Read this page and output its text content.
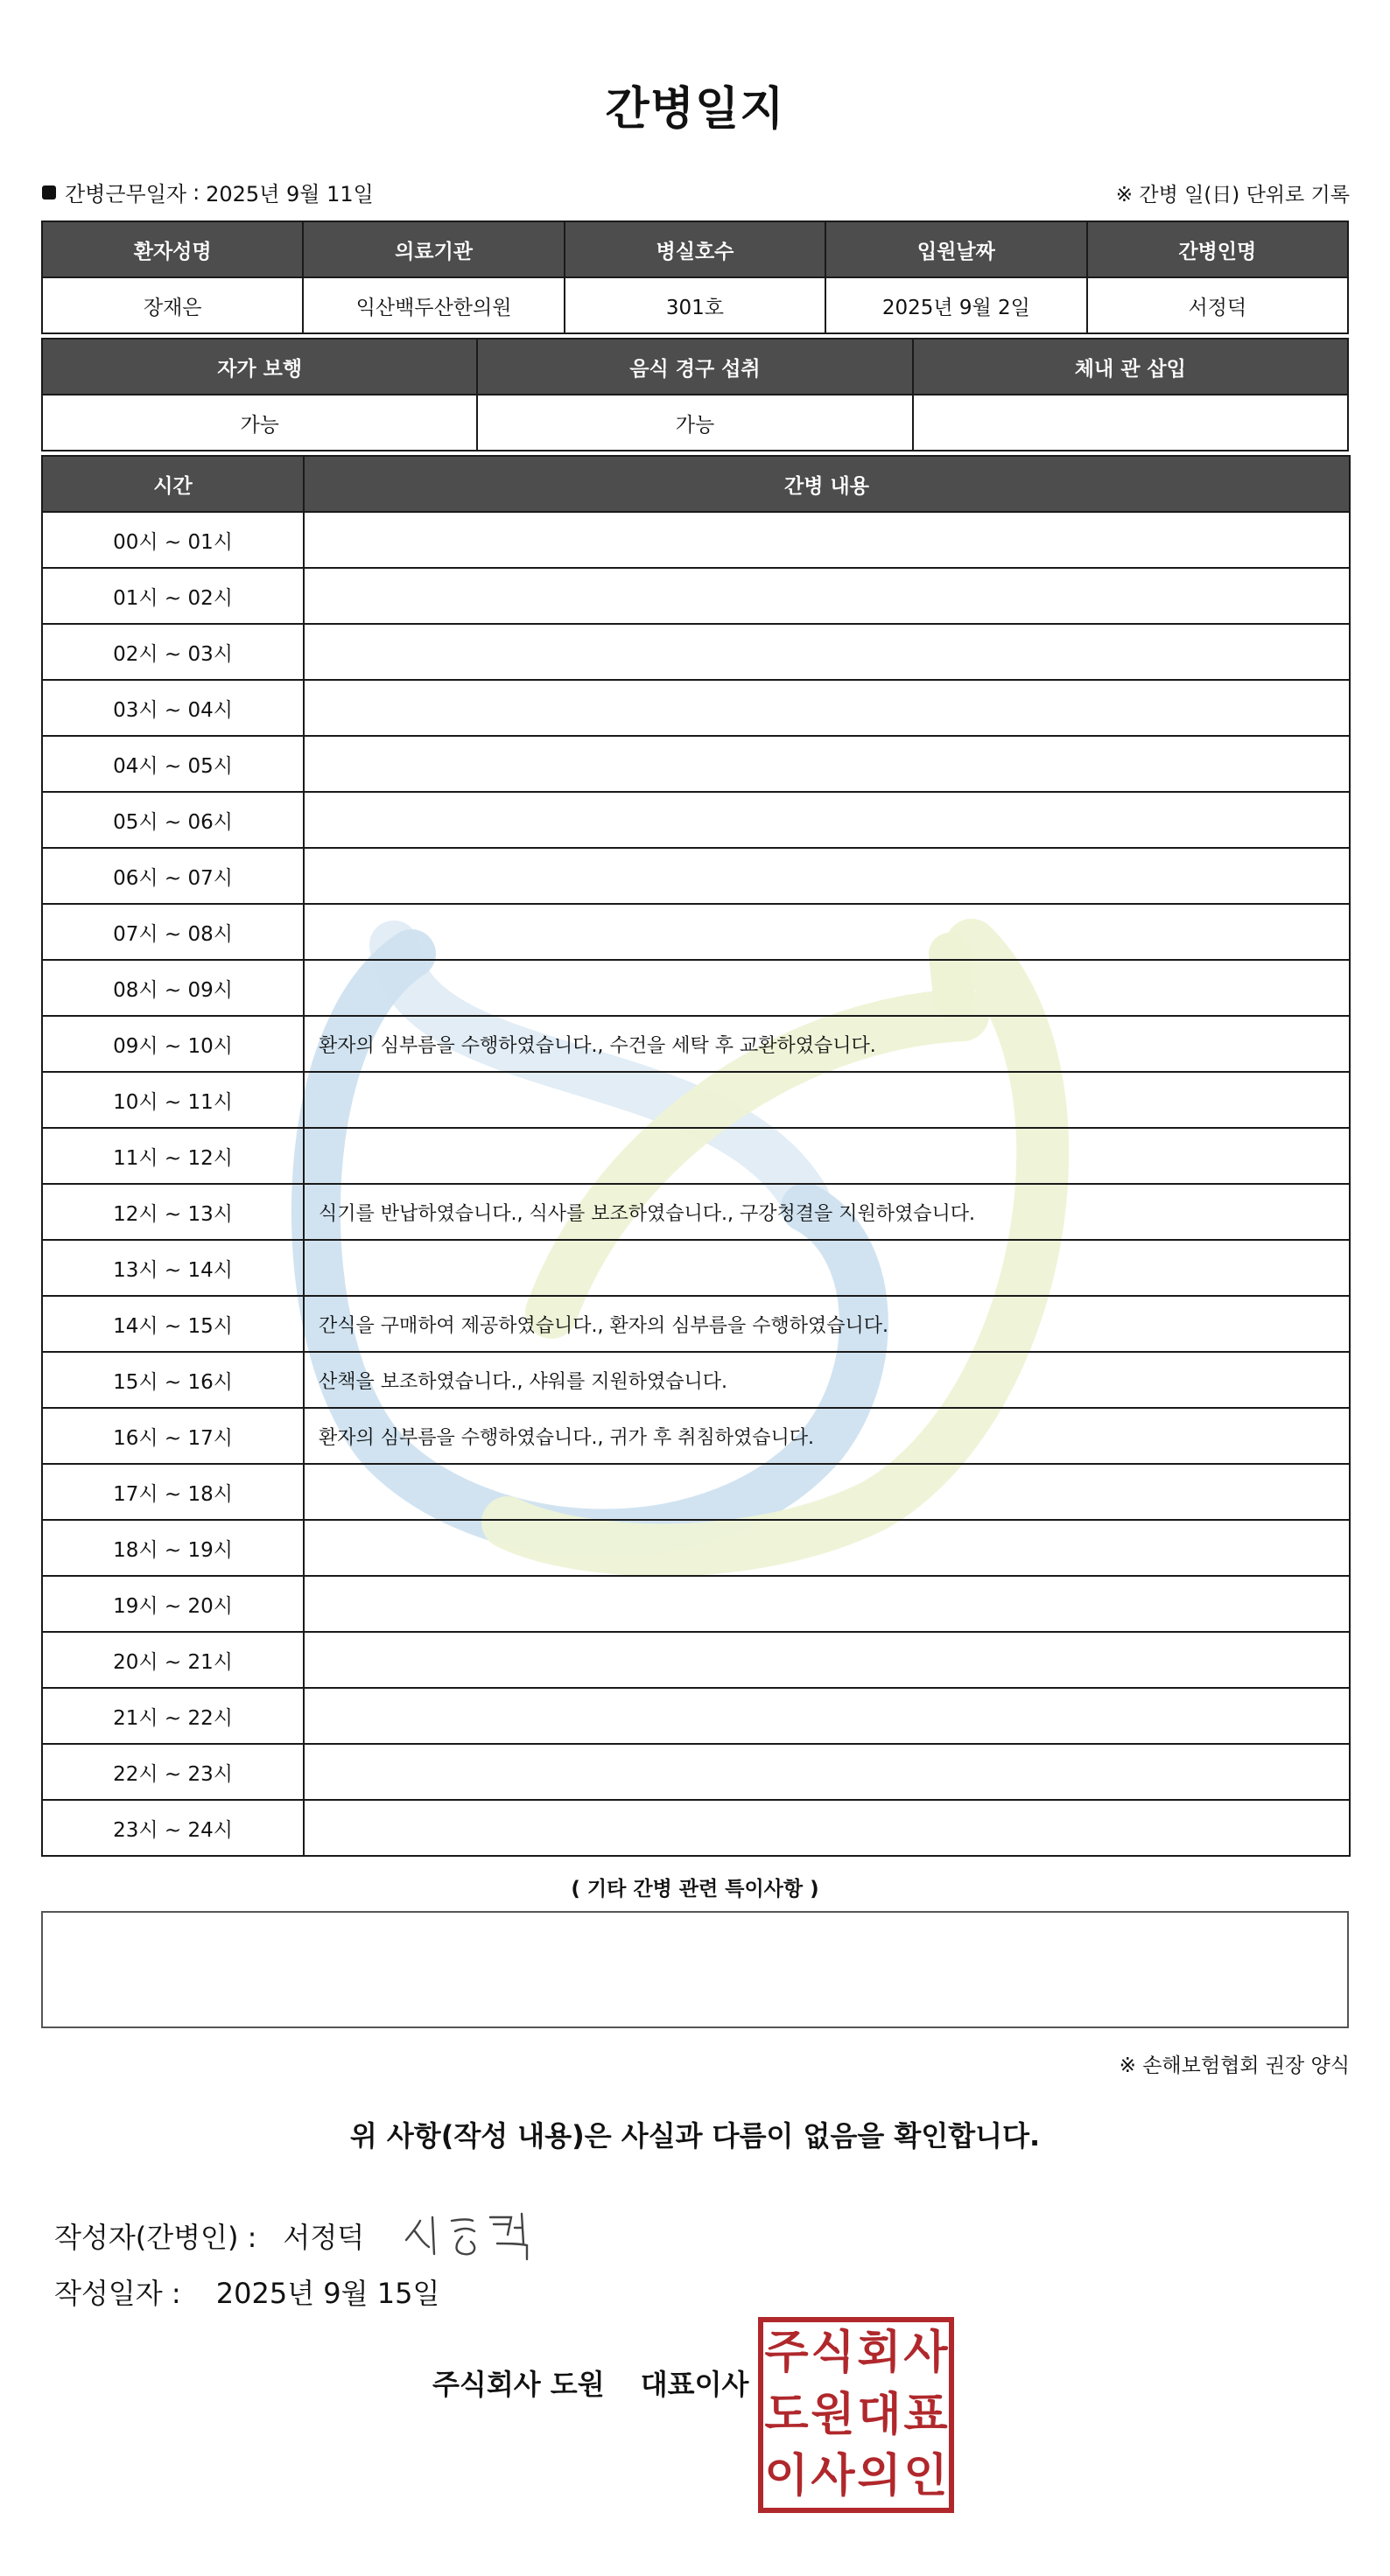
간병일지
간병근무일자 : 2025년 9월 11일	※ 간병 일(日) 단위로 기록
환자성명	의료기관	병실호수	입원날짜	간병인명
장재은	익산백두산한의원	301호	2025년 9월 2일	서정덕
자가 보행	음식 경구 섭취	체내 관 삽입
가능	가능	
시간	간병 내용
00시 ~ 01시	
01시 ~ 02시	
02시 ~ 03시	
03시 ~ 04시	
04시 ~ 05시	
05시 ~ 06시	
06시 ~ 07시	
07시 ~ 08시	
08시 ~ 09시	
09시 ~ 10시	환자의 심부름을 수행하였습니다., 수건을 세탁 후 교환하였습니다.
10시 ~ 11시	
11시 ~ 12시	
12시 ~ 13시	식기를 반납하였습니다., 식사를 보조하였습니다., 구강청결을 지원하였습니다.
13시 ~ 14시	
14시 ~ 15시	간식을 구매하여 제공하였습니다., 환자의 심부름을 수행하였습니다.
15시 ~ 16시	산책을 보조하였습니다., 샤워를 지원하였습니다.
16시 ~ 17시	환자의 심부름을 수행하였습니다., 귀가 후 취침하였습니다.
17시 ~ 18시	
18시 ~ 19시	
19시 ~ 20시	
20시 ~ 21시	
21시 ~ 22시	
22시 ~ 23시	
23시 ~ 24시	
( 기타 간병 관련 특이사항 )
※ 손해보험협회 권장 양식
위 사항(작성 내용)은 사실과 다름이 없음을 확인합니다.
작성자(간병인) : 서정덕
작성일자 : 2025년 9월 15일
주식회사 도원 대표이사
주 식 회 사
도 원 대 표
이 사 의 인
